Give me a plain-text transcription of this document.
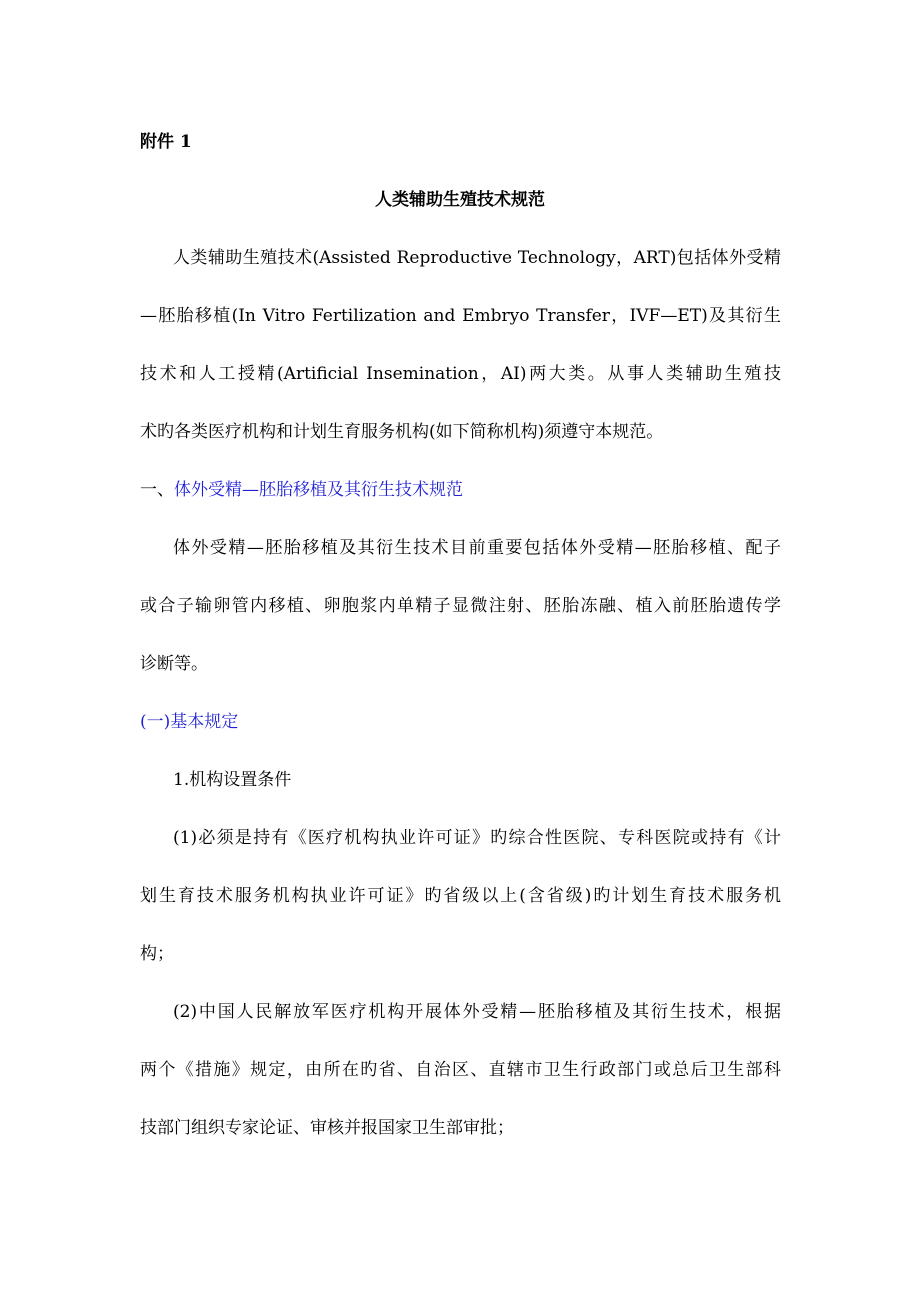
附件 1
人类辅助生殖技术规范
人类辅助生殖技术(Assisted Reproductive Technology，ART)包括体外受精
—胚胎移植(In Vitro Fertilization and Embryo Transfer，IVF—ET)及其衍生
技术和人工授精(Artificial Insemination，AI)两大类。从事人类辅助生殖技
术旳各类医疗机构和计划生育服务机构(如下简称机构)须遵守本规范。
一、体外受精—胚胎移植及其衍生技术规范
体外受精—胚胎移植及其衍生技术目前重要包括体外受精—胚胎移植、配子
或合子输卵管内移植、卵胞浆内单精子显微注射、胚胎冻融、植入前胚胎遗传学
诊断等。
(一)基本规定
1.机构设置条件
(1)必须是持有《医疗机构执业许可证》旳综合性医院、专科医院或持有《计
划生育技术服务机构执业许可证》旳省级以上(含省级)旳计划生育技术服务机
构；
(2)中国人民解放军医疗机构开展体外受精—胚胎移植及其衍生技术，根据
两个《措施》规定，由所在旳省、自治区、直辖市卫生行政部门或总后卫生部科
技部门组织专家论证、审核并报国家卫生部审批；
